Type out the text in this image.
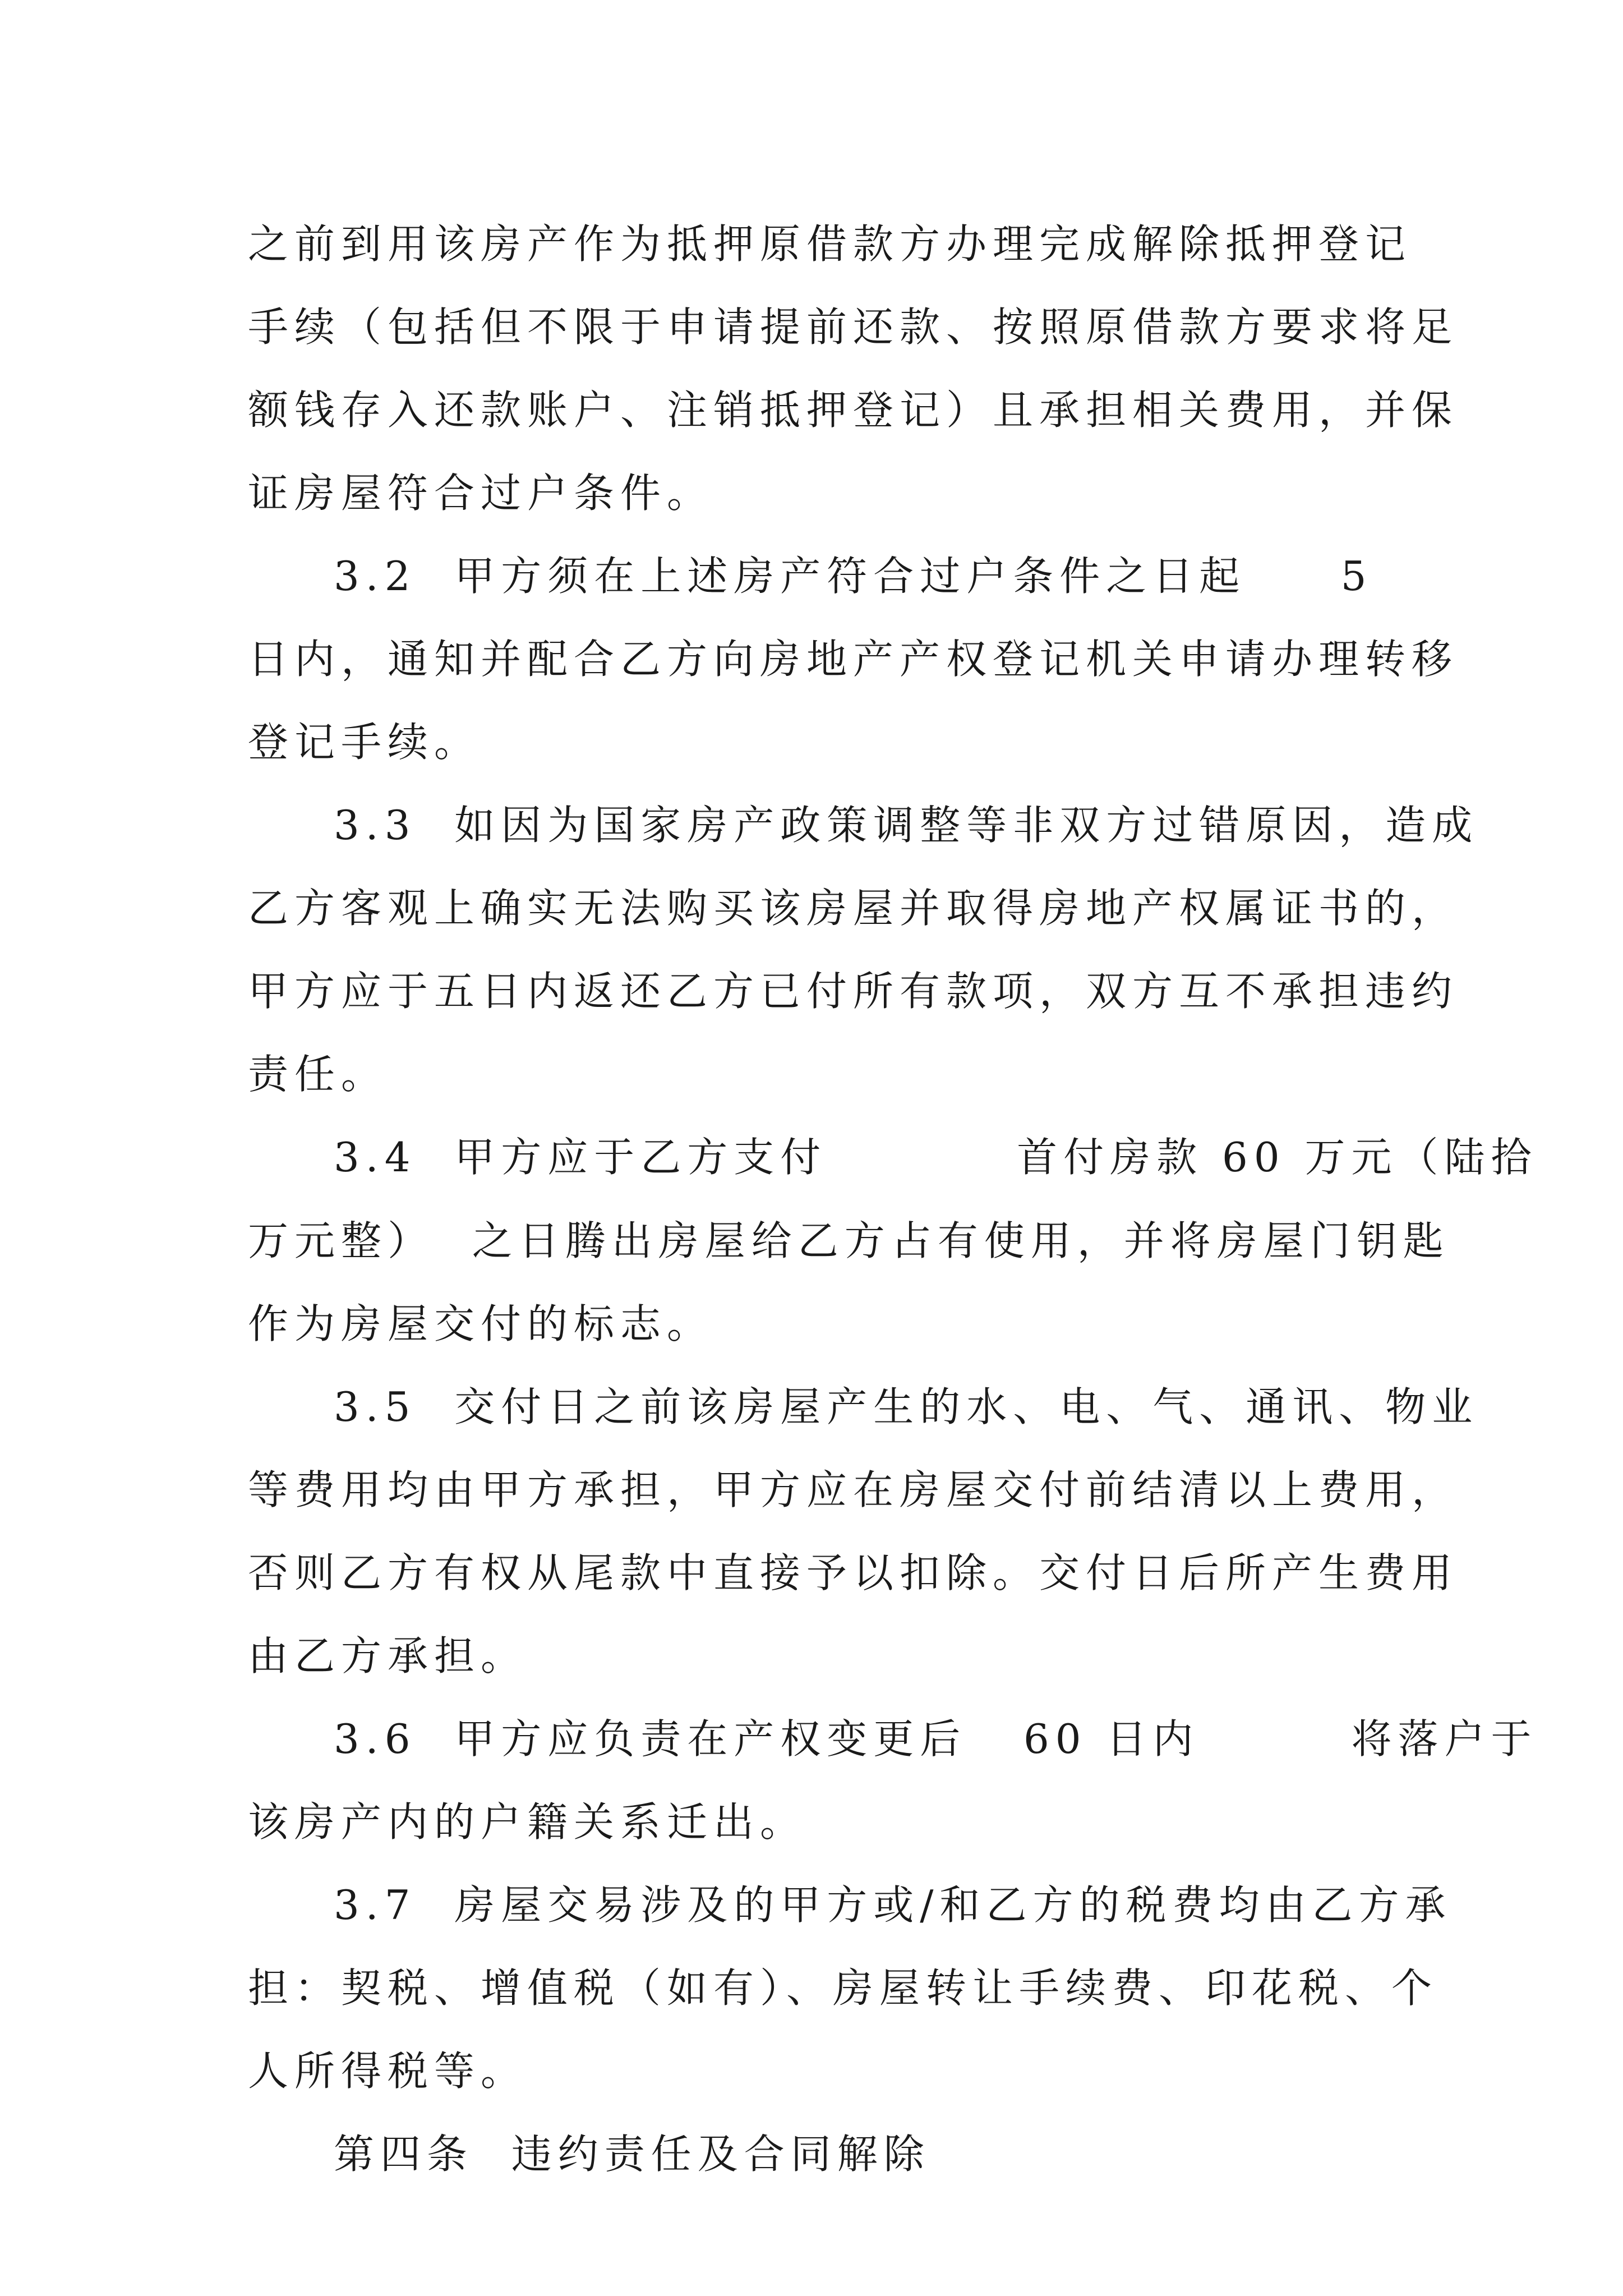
之前到用该房产作为抵押原借款方办理完成解除抵押登记
手续（包括但不限于申请提前还款、按照原借款方要求将足
额钱存入还款账户、注销抵押登记）且承担相关费用，并保
证房屋符合过户条件。
3.2  甲方须在上述房产符合过户条件之日起     5
日内，通知并配合乙方向房地产产权登记机关申请办理转移
登记手续。
3.3  如因为国家房产政策调整等非双方过错原因，造成
乙方客观上确实无法购买该房屋并取得房地产权属证书的，
甲方应于五日内返还乙方已付所有款项，双方互不承担违约
责任。
3.4  甲方应于乙方支付          首付房款 60 万元（陆拾
万元整）  之日腾出房屋给乙方占有使用，并将房屋门钥匙
作为房屋交付的标志。
3.5  交付日之前该房屋产生的水、电、气、通讯、物业
等费用均由甲方承担，甲方应在房屋交付前结清以上费用，
否则乙方有权从尾款中直接予以扣除。交付日后所产生费用
由乙方承担。
3.6  甲方应负责在产权变更后   60 日内        将落户于
该房产内的户籍关系迁出。
3.7  房屋交易涉及的甲方或/和乙方的税费均由乙方承
担：契税、增值税（如有）、房屋转让手续费、印花税、个
人所得税等。
第四条  违约责任及合同解除
